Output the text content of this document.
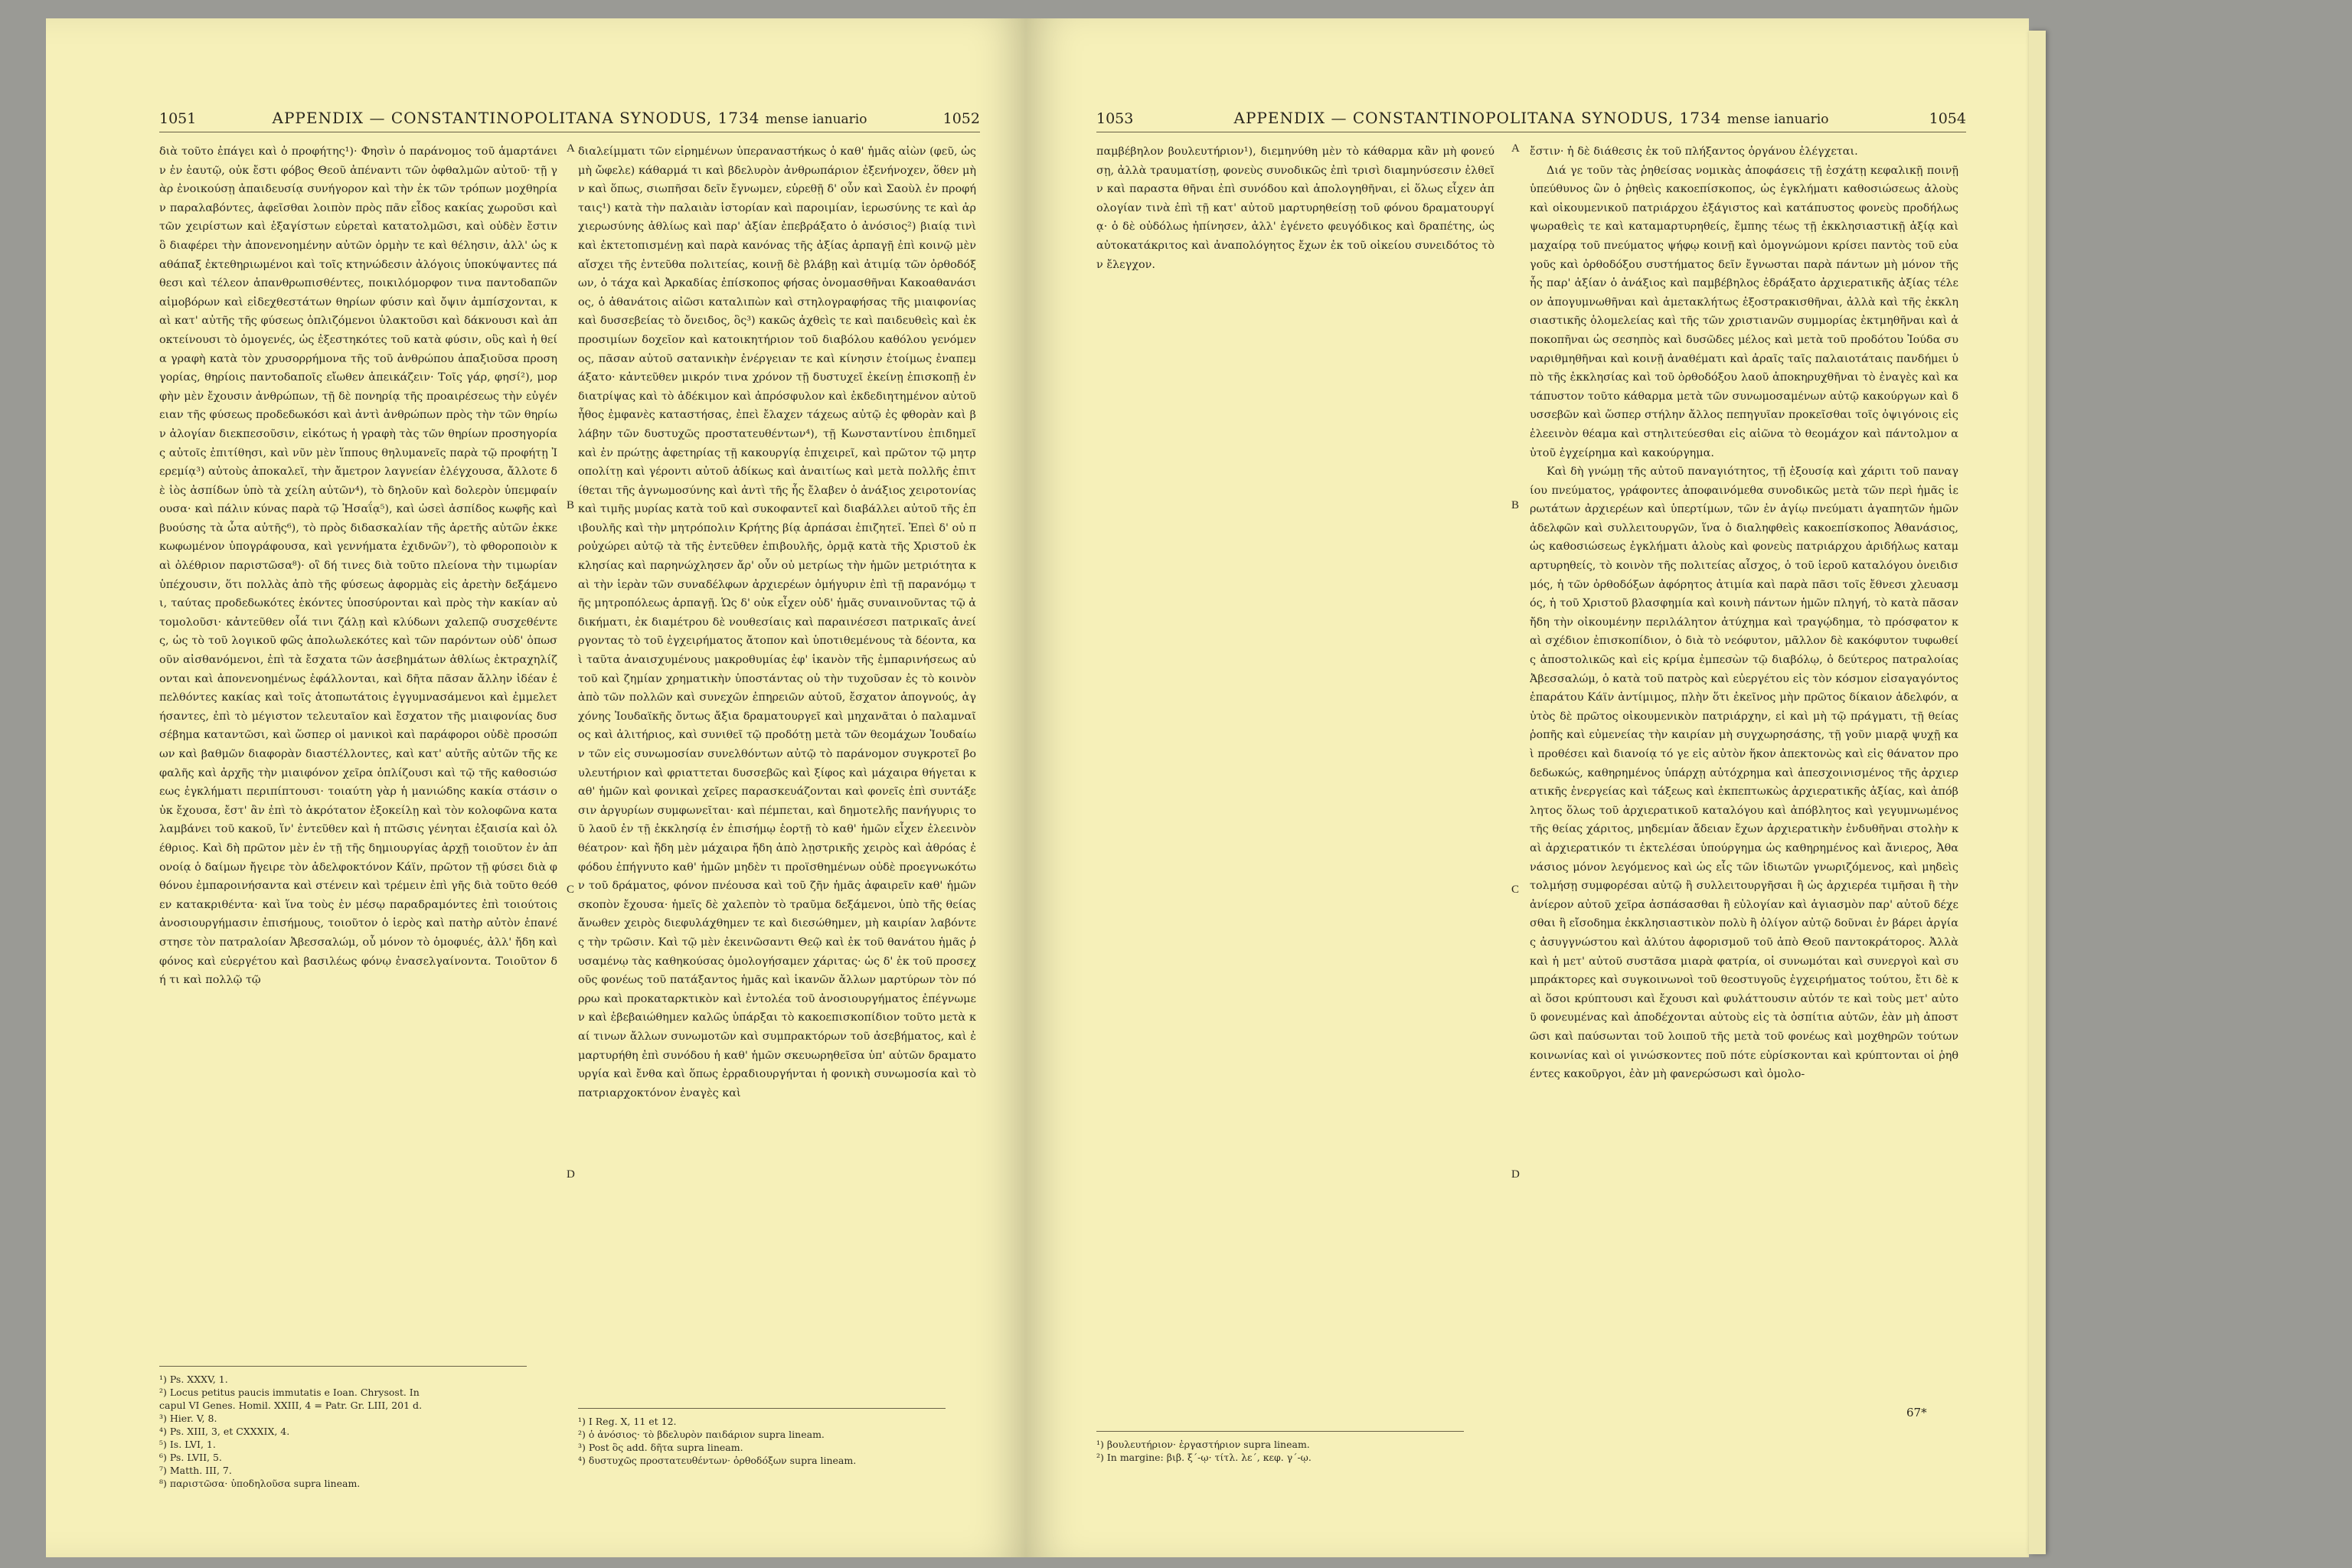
1051	APPENDIX — CONSTANTINOPOLITANA SYNODUS, 1734 mense ianuario	1052

διὰ τοῦτο ἐπάγει καὶ ὁ προφήτης¹)· Φησὶν ὁ παράνομος τοῦ ἁμαρτάνειν ἐν ἑαυτῷ, οὐκ ἔστι φόβος Θεοῦ ἀπέναντι τῶν ὀφθαλμῶν αὐτοῦ· τῇ γὰρ ἐνοικούσῃ ἀπαιδευσίᾳ συνήγορον καὶ τὴν ἐκ τῶν τρόπων μοχθηρίαν παραλαβόντες, ἀφεῖσθαι λοιπὸν πρὸς πᾶν εἶδος κακίας χωροῦσι καὶ τῶν χειρίστων καὶ ἐξαγίστων εὑρεταὶ κατατολμῶσι, καὶ οὐδὲν ἔστιν ὃ διαφέρει τὴν ἀπονενοημένην αὐτῶν ὁρμὴν τε καὶ θέλησιν, ἀλλ' ὡς καθάπαξ ἐκτεθηριωμένοι καὶ τοῖς κτηνώδεσιν ἀλόγοις ὑποκύψαντες πάθεσι καὶ τέλεον ἀπανθρωπισθέντες, ποικιλόμορφον τινα παντοδαπῶν αἱμοβόρων καὶ εἰδεχθεστάτων θηρίων φύσιν καὶ ὄψιν ἀμπίσχονται, καὶ κατ' αὐτῆς τῆς φύσεως ὁπλιζόμενοι ὑλακτοῦσι καὶ δάκνουσι καὶ ἀποκτείνουσι τὸ ὁμογενές, ὡς ἐξεστηκότες τοῦ κατὰ φύσιν, οὓς καὶ ἡ θεία γραφὴ κατὰ τὸν χρυσορρήμονα τῆς τοῦ ἀνθρώπου ἀπαξιοῦσα προσηγορίας, θηρίοις παντοδαποῖς εἴωθεν ἀπεικάζειν· Τοῖς γάρ, φησί²), μορφὴν μὲν ἔχουσιν ἀνθρώπων, τῇ δὲ πονηρίᾳ τῆς προαιρέσεως τὴν εὐγένειαν τῆς φύσεως προδεδωκόσι καὶ ἀντὶ ἀνθρώπων πρὸς τὴν τῶν θηρίων ἀλογίαν διεκπεσοῦσιν, εἰκότως ἡ γραφὴ τὰς τῶν θηρίων προσηγορίας αὐτοῖς ἐπιτίθησι, καὶ νῦν μὲν ἵππους θηλυμανεῖς παρὰ τῷ προφήτῃ Ἰερεμίᾳ³) αὐτοὺς ἀποκαλεῖ, τὴν ἄμετρον λαγνείαν ἐλέγχουσα, ἄλλοτε δὲ ἰὸς ἀσπίδων ὑπὸ τὰ χείλη αὐτῶν⁴), τὸ δηλοῦν καὶ δολερὸν ὑπεμφαίνουσα· καὶ πάλιν κύνας παρὰ τῷ Ἡσαΐᾳ⁵), καὶ ὡσεὶ ἀσπίδος κωφῆς καὶ βυούσης τὰ ὦτα αὐτῆς⁶), τὸ πρὸς διδασκαλίαν τῆς ἀρετῆς αὐτῶν ἐκκεκωφωμένον ὑπογράφουσα, καὶ γεννήματα ἐχιδνῶν⁷), τὸ φθοροποιὸν καὶ ὀλέθριον παριστῶσα⁸)· οἳ δή τινες διὰ τοῦτο πλείονα τὴν τιμωρίαν ὑπέχουσιν, ὅτι πολλὰς ἀπὸ τῆς φύσεως ἀφορμὰς εἰς ἀρετὴν δεξάμενοι, ταύτας προδεδωκότες ἑκόντες ὑποσύρονται καὶ πρὸς τὴν κακίαν αὐτομολοῦσι· κἀντεῦθεν οἷά τινι ζάλῃ καὶ κλύδωνι χαλεπῷ συσχεθέντες, ὡς τὸ τοῦ λογικοῦ φῶς ἀπολωλεκότες καὶ τῶν παρόντων οὐδ' ὁπωσοῦν αἰσθανόμενοι, ἐπὶ τὰ ἔσχατα τῶν ἀσεβημάτων ἀθλίως ἐκτραχηλίζονται καὶ ἀπονενοημένως ἐφάλλονται, καὶ δῆτα πᾶσαν ἄλλην ἰδέαν ἐπελθόντες κακίας καὶ τοῖς ἀτοπωτάτοις ἐγγυμνασάμενοι καὶ ἐμμελετήσαντες, ἐπὶ τὸ μέγιστον τελευταῖον καὶ ἔσχατον τῆς μιαιφονίας δυσσέβημα καταντῶσι, καὶ ὥσπερ οἱ μανικοὶ καὶ παράφοροι οὐδὲ προσώπων καὶ βαθμῶν διαφορὰν διαστέλλοντες, καὶ κατ' αὐτῆς αὐτῶν τῆς κεφαλῆς καὶ ἀρχῆς τὴν μιαιφόνον χεῖρα ὁπλίζουσι καὶ τῷ τῆς καθοσιώσεως ἐγκλήματι περιπίπτουσι· τοιαύτη γὰρ ἡ μανιώδης κακία στάσιν οὐκ ἔχουσα, ἔστ' ἂν ἐπὶ τὸ ἀκρότατον ἐξοκείλῃ καὶ τὸν κολοφῶνα καταλαμβάνει τοῦ κακοῦ, ἵν' ἐντεῦθεν καὶ ἡ πτῶσις γένηται ἐξαισία καὶ ὀλέθριος. Καὶ δὴ πρῶτον μὲν ἐν τῇ τῆς δημιουργίας ἀρχῇ τοιοῦτον ἐν ἀπονοίᾳ ὁ δαίμων ἤγειρε τὸν ἀδελφοκτόνον Κάϊν, πρῶτον τῇ φύσει διὰ φθόνου ἐμπαροινήσαντα καὶ στένειν καὶ τρέμειν ἐπὶ γῆς διὰ τοῦτο θεόθεν κατακριθέντα· καὶ ἵνα τοὺς ἐν μέσῳ παραδραμόντες ἐπὶ τοιούτοις ἀνοσιουργήμασιν ἐπισήμους, τοιοῦτον ὁ ἱερὸς καὶ πατὴρ αὐτὸν ἐπανέστησε τὸν πατραλοίαν Ἀβεσσαλώμ, οὗ μόνον τὸ ὁμοφυές, ἀλλ' ἤδη καὶ φόνος καὶ εὐεργέτου καὶ βασιλέως φόνῳ ἐνασελγαίνοντα. Τοιοῦτον δή τι καὶ πολλῷ τῷ

διαλείμματι τῶν εἰρημένων ὑπεραναστήκως ὁ καθ' ἡμᾶς αἰὼν (φεῦ, ὡς μὴ ὤφελε) κάθαρμά τι καὶ βδελυρὸν ἀνθρωπάριον ἐξενήνοχεν, ὅθεν μὴν καὶ ὅπως, σιωπῆσαι δεῖν ἔγνωμεν, εὑρεθῇ δ' οὖν καὶ Σαοὺλ ἐν προφήταις¹) κατὰ τὴν παλαιὰν ἱστορίαν καὶ παροιμίαν, ἱερωσύνης τε καὶ ἀρχιερωσύνης ἀθλίως καὶ παρ' ἀξίαν ἐπεβράξατο ὁ ἀνόσιος²) βιαίᾳ τινὶ καὶ ἐκτετοπισμένῃ καὶ παρὰ κανόνας τῆς ἀξίας ἁρπαγῇ ἐπὶ κοινῷ μὲν αἴσχει τῆς ἐντεῦθα πολιτείας, κοινῇ δὲ βλάβῃ καὶ ἀτιμίᾳ τῶν ὀρθοδόξων, ὁ τάχα καὶ Ἀρκαδίας ἐπίσκοπος φήσας ὀνομασθῆναι Κακοαθανάσιος, ὁ ἀθανάτοις αἰῶσι καταλιπὼν καὶ στηλογραφήσας τῆς μιαιφονίας καὶ δυσσεβείας τὸ ὄνειδος, ὃς³) κακῶς ἀχθεὶς τε καὶ παιδευθεὶς καὶ ἐκ προσιμίων δοχεῖον καὶ κατοικητήριον τοῦ διαβόλου καθόλου γενόμενος, πᾶσαν αὐτοῦ σατανικὴν ἐνέργειαν τε καὶ κίνησιν ἑτοίμως ἐναπεμάξατο· κἀντεῦθεν μικρόν τινα χρόνον τῇ δυστυχεῖ ἐκείνῃ ἐπισκοπῇ ἐνδιατρίψας καὶ τὸ ἀδέκιμον καὶ ἀπρόσφυλον καὶ ἐκδεδιητημένον αὐτοῦ ἦθος ἐμφανὲς καταστήσας, ἐπεὶ ἔλαχεν τάχεως αὐτῷ ἐς φθορὰν καὶ βλάβην τῶν δυστυχῶς προστατευθέντων⁴), τῇ Κωνσταντίνου ἐπιδημεῖ καὶ ἐν πρώτῃς ἀφετηρίας τῇ κακουργίᾳ ἐπιχειρεῖ, καὶ πρῶτον τῷ μητροπολίτῃ καὶ γέροντι αὐτοῦ ἀδίκως καὶ ἀναιτίως καὶ μετὰ πολλῆς ἐπιτίθεται τῆς ἀγνωμοσύνης καὶ ἀντὶ τῆς ἧς ἔλαβεν ὁ ἀνάξιος χειροτονίας καὶ τιμῆς μυρίας κατὰ τοῦ καὶ συκοφαντεῖ καὶ διαβάλλει αὐτοῦ τῆς ἐπιβουλῆς καὶ τὴν μητρόπολιν Κρήτης βίᾳ ἁρπάσαι ἐπιζητεῖ. Ἐπεὶ δ' οὐ προὐχώρει αὐτῷ τὰ τῆς ἐντεῦθεν ἐπιβουλῆς, ὁρμᾷ κατὰ τῆς Χριστοῦ ἐκκλησίας καὶ παρηνώχλησεν ἄρ' οὖν οὐ μετρίως τὴν ἡμῶν μετριότητα καὶ τὴν ἱερὰν τῶν συναδέλφων ἀρχιερέων ὁμήγυριν ἐπὶ τῇ παρανόμῳ τῆς μητροπόλεως ἁρπαγῇ. Ὡς δ' οὐκ εἶχεν οὐδ' ἡμᾶς συναινοῦντας τῷ ἀδικήματι, ἐκ διαμέτρου δὲ νουθεσίαις καὶ παραινέσεσι πατρικαῖς ἀνείργοντας τὸ τοῦ ἐγχειρήματος ἄτοπον καὶ ὑποτιθεμένους τὰ δέοντα, καὶ ταῦτα ἀναισχυμένους μακροθυμίας ἐφ' ἱκανὸν τῆς ἐμπαρινήσεως αὐτοῦ καὶ ζημίαν χρηματικὴν ὑποστάντας οὐ τὴν τυχοῦσαν ἐς τὸ κοινὸν ἀπὸ τῶν πολλῶν καὶ συνεχῶν ἐπηρειῶν αὐτοῦ, ἔσχατον ἀπογνούς, ἀγχόνης Ἰουδαϊκῆς ὄντως ἄξια δραματουργεῖ καὶ μηχανᾶται ὁ παλαμναῖος καὶ ἀλιτήριος, καὶ συνιθεῖ τῷ προδότῃ μετὰ τῶν θεομάχων Ἰουδαίων τῶν εἰς συνωμοσίαν συνελθόντων αὐτῷ τὸ παράνομον συγκροτεῖ βουλευτήριον καὶ φριαττεται δυσσεβῶς καὶ ξίφος καὶ μάχαιρα θήγεται καθ' ἡμῶν καὶ φονικαὶ χεῖρες παρασκευάζονται καὶ φονεῖς ἐπὶ συντάξεσιν ἀργυρίων συμφωνεῖται· καὶ πέμπεται, καὶ δημοτελῆς πανήγυρις τοῦ λαοῦ ἐν τῇ ἐκκλησίᾳ ἐν ἐπισήμῳ ἑορτῇ τὸ καθ' ἡμῶν εἶχεν ἐλεεινὸν θέατρον· καὶ ἤδη μὲν μάχαιρα ἤδη ἀπὸ λῃστρικῆς χειρὸς καὶ ἀθρόας ἐφόδου ἐπήγνυτο καθ' ἡμῶν μηδὲν τι προϊσθημένων οὐδὲ προεγνωκότων τοῦ δράματος, φόνον πνέουσα καὶ τοῦ ζῆν ἡμᾶς ἀφαιρεῖν καθ' ἡμῶν σκοπὸν ἔχουσα· ἡμεῖς δὲ χαλεπὸν τὸ τραῦμα δεξάμενοι, ὑπὸ τῆς θείας ἄνωθεν χειρὸς διεφυλάχθημεν τε καὶ διεσώθημεν, μὴ καιρίαν λαβόντες τὴν τρῶσιν. Καὶ τῷ μὲν ἐκεινῶσαντι Θεῷ καὶ ἐκ τοῦ θανάτου ἡμᾶς ῥυσαμένῳ τὰς καθηκούσας ὁμολογήσαμεν χάριτας· ὡς δ' ἐκ τοῦ προσεχοῦς φονέως τοῦ πατάξαντος ἡμᾶς καὶ ἱκανῶν ἄλλων μαρτύρων τὸν πόρρω καὶ προκαταρκτικὸν καὶ ἐντολέα τοῦ ἀνοσιουργήματος ἐπέγνωμεν καὶ ἐβεβαιώθημεν καλῶς ὑπάρξαι τὸ κακοεπισκοπίδιον τοῦτο μετὰ καί τινων ἄλλων συνωμοτῶν καὶ συμπρακτόρων τοῦ ἀσεβήματος, καὶ ἐμαρτυρήθη ἐπὶ συνόδου ἡ καθ' ἡμῶν σκευωρηθεῖσα ὑπ' αὐτῶν δραματουργία καὶ ἔνθα καὶ ὅπως ἐρραδιουργήνται ἡ φονικὴ συνωμοσία καὶ τὸ πατριαρχοκτόνον ἐναγὲς καὶ

A
B
C
D
¹) Ps. XXXV, 1.
²) Locus petitus paucis immutatis e Ioan. Chrysost. In
capul VI Genes. Homil. XXIII, 4 = Patr. Gr. LIII, 201 d.
³) Hier. V, 8.
⁴) Ps. XIII, 3, et CXXXIX, 4.
⁵) Is. LVI, 1.
⁶) Ps. LVII, 5.
⁷) Matth. III, 7.
⁸) παριστῶσα· ὑποδηλοῦσα supra lineam.
¹) I Reg. X, 11 et 12.
²) ὁ ἀνόσιος· τὸ βδελυρὸν παιδάριον supra lineam.
³) Post ὃς add. δῆτα supra lineam.
⁴) δυστυχῶς προστατευθέντων· ὀρθοδόξων supra lineam.
1053	APPENDIX — CONSTANTINOPOLITANA SYNODUS, 1734 mense ianuario	1054

παμβέβηλον βουλευτήριον¹), διεμηνύθη μὲν τὸ κάθαρμα κἂν μὴ φονεύσῃ, ἀλλὰ τραυματίσῃ, φονεὺς συνοδικῶς ἐπὶ τρισὶ διαμηνύσεσιν ἐλθεῖν καὶ παραστα θῆναι ἐπὶ συνόδου καὶ ἀπολογηθῆναι, εἰ ὅλως εἶχεν ἀπολογίαν τινὰ ἐπὶ τῇ κατ' αὐτοῦ μαρτυρηθείσῃ τοῦ φόνου δραματουργίᾳ· ὁ δὲ οὐδόλως ἠπίνησεν, ἀλλ' ἐγένετο φευγόδικος καὶ δραπέτης, ὡς αὐτοκατάκριτος καὶ ἀναπολόγητος ἔχων ἐκ τοῦ οἰκείου συνειδότος τὸν ἔλεγχον.

ἔστιν· ἡ δὲ διάθεσις ἐκ τοῦ πλήξαντος ὀργάνου ἐλέγχεται.

Διά γε τοῦν τὰς ῥηθείσας νομικὰς ἀποφάσεις τῇ ἐσχάτῃ κεφαλικῇ ποινῇ ὑπεύθυνος ὢν ὁ ῥηθεὶς κακοεπίσκοπος, ὡς ἐγκλήματι καθοσιώσεως ἁλοὺς καὶ οἰκουμενικοῦ πατριάρχου ἐξάγιστος καὶ κατάπυστος φονεὺς προδήλως ψωραθεὶς τε καὶ καταμαρτυρηθείς, ἔμπης τέως τῇ ἐκκλησιαστικῇ ἀξίᾳ καὶ μαχαίρᾳ τοῦ πνεύματος ψήφῳ κοινῇ καὶ ὁμογνώμονι κρίσει παντὸς τοῦ εὐαγοῦς καὶ ὀρθοδόξου συστήματος δεῖν ἔγνωσται παρὰ πάντων μὴ μόνον τῆς ἧς παρ' ἀξίαν ὁ ἀνάξιος καὶ παμβέβηλος ἐδράξατο ἀρχιερατικῆς ἀξίας τέλεον ἀπογυμνωθῆναι καὶ ἀμετακλήτως ἐξοστρακισθῆναι, ἀλλὰ καὶ τῆς ἐκκλησιαστικῆς ὁλομελείας καὶ τῆς τῶν χριστιανῶν συμμορίας ἐκτμηθῆναι καὶ ἀποκοπῆναι ὡς σεσηπὸς καὶ δυσῶδες μέλος καὶ μετὰ τοῦ προδότου Ἰούδα συναριθμηθῆναι καὶ κοινῇ ἀναθέματι καὶ ἀραῖς ταῖς παλαιοτάταις πανδήμει ὑπὸ τῆς ἐκκλησίας καὶ τοῦ ὀρθοδόξου λαοῦ ἀποκηρυχθῆναι τὸ ἐναγὲς καὶ κατάπυστον τοῦτο κάθαρμα μετὰ τῶν συνωμοσαμένων αὐτῷ κακούργων καὶ δυσσεβῶν καὶ ὥσπερ στήλην ἄλλος πεπηγυῖαν προκεῖσθαι τοῖς ὀψιγόνοις εἰς ἐλεεινὸν θέαμα καὶ στηλιτεύεσθαι εἰς αἰῶνα τὸ θεομάχον καὶ πάντολμον αὐτοῦ ἐγχείρημα καὶ κακούργημα.

Καὶ δὴ γνώμῃ τῆς αὐτοῦ παναγιότητος, τῇ ἐξουσίᾳ καὶ χάριτι τοῦ παναγίου πνεύματος, γράφοντες ἀποφαινόμεθα συνοδικῶς μετὰ τῶν περὶ ἡμᾶς ἱερωτάτων ἀρχιερέων καὶ ὑπερτίμων, τῶν ἐν ἁγίῳ πνεύματι ἀγαπητῶν ἡμῶν ἀδελφῶν καὶ συλλειτουργῶν, ἵνα ὁ διαληφθεὶς κακοεπίσκοπος Ἀθανάσιος, ὡς καθοσιώσεως ἐγκλήματι ἁλοὺς καὶ φονεὺς πατριάρχου ἀριδήλως καταμαρτυρηθείς, τὸ κοινὸν τῆς πολιτείας αἶσχος, ὁ τοῦ ἱεροῦ καταλόγου ὀνειδισμός, ἡ τῶν ὀρθοδόξων ἀφόρητος ἀτιμία καὶ παρὰ πᾶσι τοῖς ἔθνεσι χλευασμός, ἡ τοῦ Χριστοῦ βλασφημία καὶ κοινὴ πάντων ἡμῶν πληγή, τὸ κατὰ πᾶσαν ἤδη τὴν οἰκουμένην περιλάλητον ἀτύχημα καὶ τραγῴδημα, τὸ πρόσφατον καὶ σχέδιον ἐπισκοπίδιον, ὁ διὰ τὸ νεόφυτον, μᾶλλον δὲ κακόφυτον τυφωθείς ἀποστολικῶς καὶ εἰς κρίμα ἐμπεσὼν τῷ διαβόλῳ, ὁ δεύτερος πατραλοίας Ἀβεσσαλώμ, ὁ κατὰ τοῦ πατρὸς καὶ εὐεργέτου εἰς τὸν κόσμον εἰσαγαγόντος ἐπαράτου Κάϊν ἀντίμιμος, πλὴν ὅτι ἐκεῖνος μὴν πρῶτος δίκαιον ἀδελφόν, αὐτὸς δὲ πρῶτος οἰκουμενικὸν πατριάρχην, εἰ καὶ μὴ τῷ πράγματι, τῇ θείας ῥοπῆς καὶ εὐμενείας τὴν καιρίαν μὴ συγχωρησάσης, τῇ γοῦν μιαρᾷ ψυχῇ καὶ προθέσει καὶ διανοίᾳ τό γε εἰς αὐτὸν ἥκον ἀπεκτονὼς καὶ εἰς θάνατον προδεδωκώς, καθηρημένος ὑπάρχῃ αὐτόχρημα καὶ ἀπεσχοινισμένος τῆς ἀρχιερατικῆς ἐνεργείας καὶ τάξεως καὶ ἐκπεπτωκὼς ἀρχιερατικῆς ἀξίας, καὶ ἀπόβλητος ὅλως τοῦ ἀρχιερατικοῦ καταλόγου καὶ ἀπόβλητος καὶ γεγυμνωμένος τῆς θείας χάριτος, μηδεμίαν ἄδειαν ἔχων ἀρχιερατικὴν ἐνδυθῆναι στολὴν καὶ ἀρχιερατικόν τι ἐκτελέσαι ὑπούργημα ὡς καθηρημένος καὶ ἄνιερος, Ἀθανάσιος μόνον λεγόμενος καὶ ὡς εἷς τῶν ἰδιωτῶν γνωριζόμενος, καὶ μηδεὶς τολμήσῃ συμφορέσαι αὐτῷ ἢ συλλειτουργῆσαι ἢ ὡς ἀρχιερέα τιμῆσαι ἢ τὴν ἀνίερον αὐτοῦ χεῖρα ἀσπάσασθαι ἢ εὐλογίαν καὶ ἁγιασμὸν παρ' αὐτοῦ δέχεσθαι ἢ εἴσοδημα ἐκκλησιαστικὸν πολὺ ἢ ὀλίγον αὐτῷ δοῦναι ἐν βάρει ἀργίας ἀσυγγνώστου καὶ ἀλύτου ἀφορισμοῦ τοῦ ἀπὸ Θεοῦ παντοκράτορος. Ἀλλὰ καὶ ἡ μετ' αὐτοῦ συστᾶσα μιαρὰ φατρία, οἱ συνωμόται καὶ συνεργοὶ καὶ συμπράκτορες καὶ συγκοινωνοὶ τοῦ θεοστυγοῦς ἐγχειρήματος τούτου, ἔτι δὲ καὶ ὅσοι κρύπτουσι καὶ ἔχουσι καὶ φυλάττουσιν αὐτόν τε καὶ τοὺς μετ' αὐτοῦ φονευμένας καὶ ἀποδέχονται αὐτοὺς εἰς τὰ ὀσπίτια αὐτῶν, ἐὰν μὴ ἀποστῶσι καὶ παύσωνται τοῦ λοιποῦ τῆς μετὰ τοῦ φονέως καὶ μοχθηρῶν τούτων κοινωνίας καὶ οἱ γινώσκοντες ποῦ πότε εὑρίσκονται καὶ κρύπτονται οἱ ῥηθέντες κακοῦργοι, ἐὰν μὴ φανερώσωσι καὶ ὁμολο-

A
B
C
D
¹) βουλευτήριον· ἐργαστήριον supra lineam.
²) In margine: βιβ. ξ΄-ῳ· τίτλ. λε΄, κεφ. γ΄-ῳ.
67*
